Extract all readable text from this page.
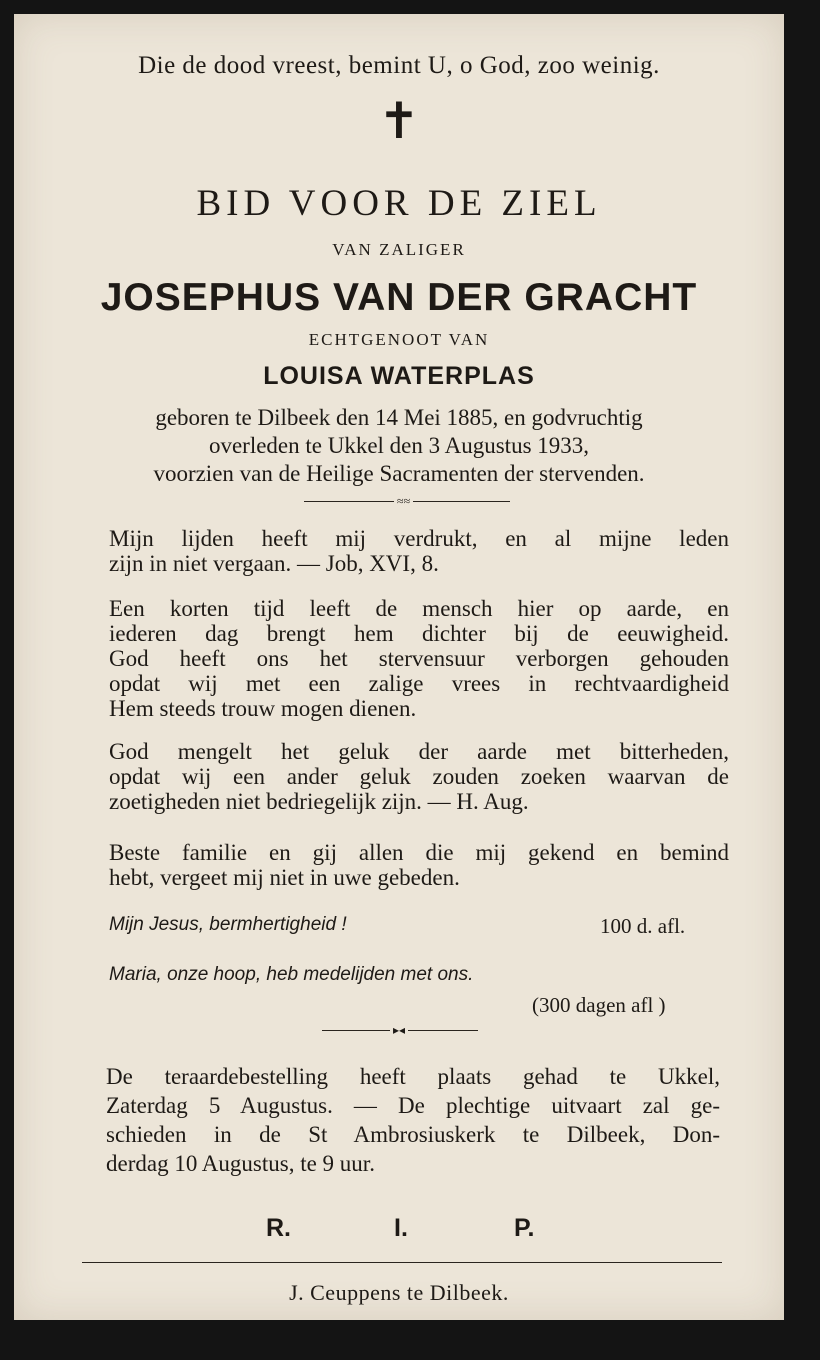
Die de dood vreest, bemint U, o God, zoo weinig.
✝
BID VOOR DE ZIEL
VAN ZALIGER
JOSEPHUS VAN DER GRACHT
ECHTGENOOT VAN
LOUISA WATERPLAS
geboren te Dilbeek den 14 Mei 1885, en godvruchtig
overleden te Ukkel den 3 Augustus 1933,
voorzien van de Heilige Sacramenten der stervenden.
≈≈
Mijn lijden heeft mij verdrukt, en al mijne leden
zijn in niet vergaan. — Job, XVI, 8.
Een korten tijd leeft de mensch hier op aarde, en
iederen dag brengt hem dichter bij de eeuwigheid.
God heeft ons het stervensuur verborgen gehouden
opdat wij met een zalige vrees in rechtvaardigheid
Hem steeds trouw mogen dienen.
God mengelt het geluk der aarde met bitterheden,
opdat wij een ander geluk zouden zoeken waarvan de
zoetigheden niet bedriegelijk zijn. — H. Aug.
Beste familie en gij allen die mij gekend en bemind
hebt, vergeet mij niet in uwe gebeden.
Mijn Jesus, bermhertigheid !	100 d. afl.
Maria, onze hoop, heb medelijden met ons.
(300 dagen afl )
▸◂
De teraardebestelling heeft plaats gehad te Ukkel,
Zaterdag 5 Augustus. — De plechtige uitvaart zal ge-
schieden in de St Ambrosiuskerk te Dilbeek, Don-
derdag 10 Augustus, te 9 uur.
R.	I.	P.
J. Ceuppens te Dilbeek.
